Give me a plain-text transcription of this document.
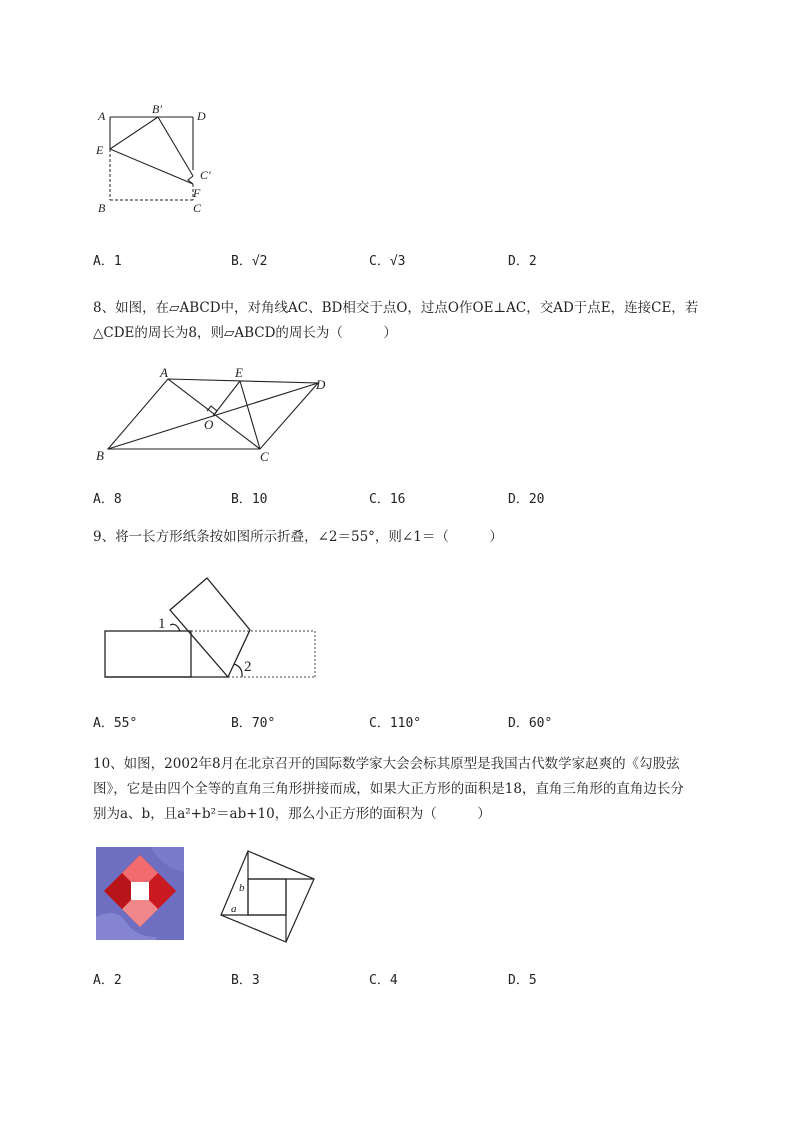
A	B′	D
E
C′
F
B	C
A．1	B．√2	C．√3	D．2
8、如图，在▱ABCD中，对角线AC、BD相交于点O，过点O作OE⊥AC，交AD于点E，连接CE，若
△CDE的周长为8，则▱ABCD的周长为（　　　）
A	E
D
O
B	C
A．8	B．10	C．16	D．20
9、将一长方形纸条按如图所示折叠，∠2＝55°，则∠1＝（　　　）
1
2
A．55°	B．70°	C．110°	D．60°
10、如图，2002年8月在北京召开的国际数学家大会会标其原型是我国古代数学家赵爽的《勾股弦
图》，它是由四个全等的直角三角形拼接而成，如果大正方形的面积是18，直角三角形的直角边长分
别为a、b，且a²+b²＝ab+10，那么小正方形的面积为（　　　）
b
a
A．2	B．3	C．4	D．5
